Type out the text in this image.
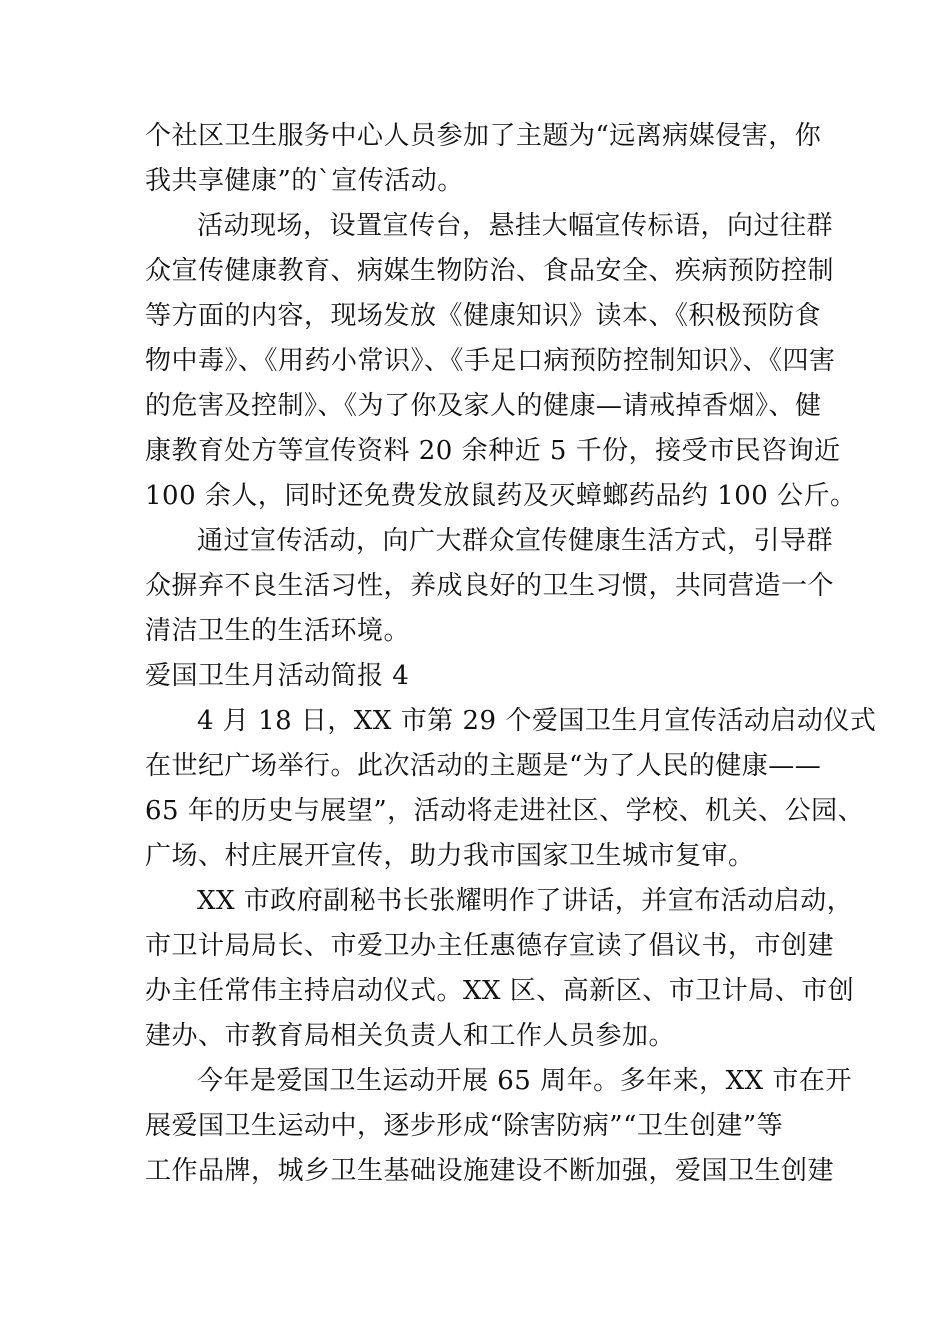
个社区卫生服务中心人员参加了主题为“远离病媒侵害，你

我共享健康”的`宣传活动。

活动现场，设置宣传台，悬挂大幅宣传标语，向过往群

众宣传健康教育、病媒生物防治、食品安全、疾病预防控制

等方面的内容，现场发放《健康知识》读本、《积极预防食

物中毒》、《用药小常识》、《手足口病预防控制知识》、《四害

的危害及控制》、《为了你及家人的健康—请戒掉香烟》、健

康教育处方等宣传资料 20 余种近 5 千份，接受市民咨询近

100 余人，同时还免费发放鼠药及灭蟑螂药品约 100 公斤。

通过宣传活动，向广大群众宣传健康生活方式，引导群

众摒弃不良生活习性，养成良好的卫生习惯，共同营造一个

清洁卫生的生活环境。

爱国卫生月活动简报 4

4 月 18 日，XX 市第 29 个爱国卫生月宣传活动启动仪式

在世纪广场举行。此次活动的主题是“为了人民的健康——

65 年的历史与展望”，活动将走进社区、学校、机关、公园、

广场、村庄展开宣传，助力我市国家卫生城市复审。

XX 市政府副秘书长张耀明作了讲话，并宣布活动启动，

市卫计局局长、市爱卫办主任惠德存宣读了倡议书，市创建

办主任常伟主持启动仪式。XX 区、高新区、市卫计局、市创

建办、市教育局相关负责人和工作人员参加。

今年是爱国卫生运动开展 65 周年。多年来，XX 市在开

展爱国卫生运动中，逐步形成“除害防病”“卫生创建”等

工作品牌，城乡卫生基础设施建设不断加强，爱国卫生创建
